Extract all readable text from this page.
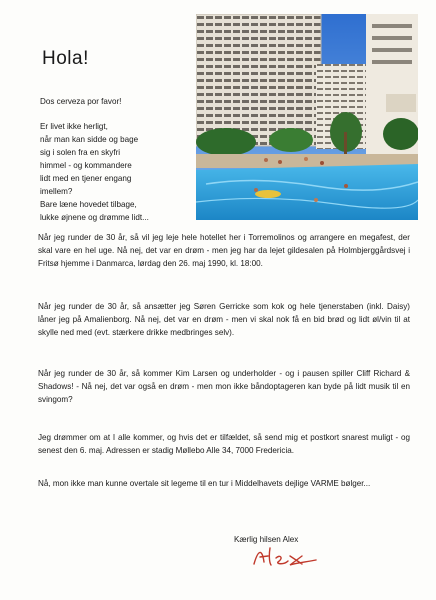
Hola!
Dos cerveza por favor!
Er livet ikke herligt,
når man kan sidde og bage
sig i solen fra en skyfri
himmel - og kommandere
lidt med en tjener engang
imellem?
Bare læne hovedet tilbage,
lukke øjnene og drømme lidt...
Når jeg runder de 30 år, så vil jeg leje hele hotellet her i Torremolinos og arrangere en megafest, der skal vare en hel uge. Nå nej, det var en drøm - men jeg har da lejet gildesalen på Holmbjerggårdsvej i Fritsø hjemme i Danmarca, lørdag den 26. maj 1990, kl. 18:00.
Når jeg runder de 30 år, så ansætter jeg Søren Gerricke som kok og hele tjenerstaben (inkl. Daisy) låner jeg på Amalienborg. Nå nej, det var en drøm - men vi skal nok få en bid brød og lidt øl/vin til at skylle ned med (evt. stærkere drikke medbringes selv).
Når jeg runder de 30 år, så kommer Kim Larsen og underholder - og i pausen spiller Cliff Richard & Shadows! - Nå nej, det var også en drøm - men mon ikke båndoptageren kan byde på lidt musik til en svingom?
Jeg drømmer om at I alle kommer, og hvis det er tilfældet, så send mig et postkort snarest muligt - og senest den 6. maj. Adressen er stadig Møllebo Alle 34, 7000 Fredericia.
Nå, mon ikke man kunne overtale sit legeme til en tur i Middelhavets dejlige VARME bølger...
Kærlig hilsen Alex
